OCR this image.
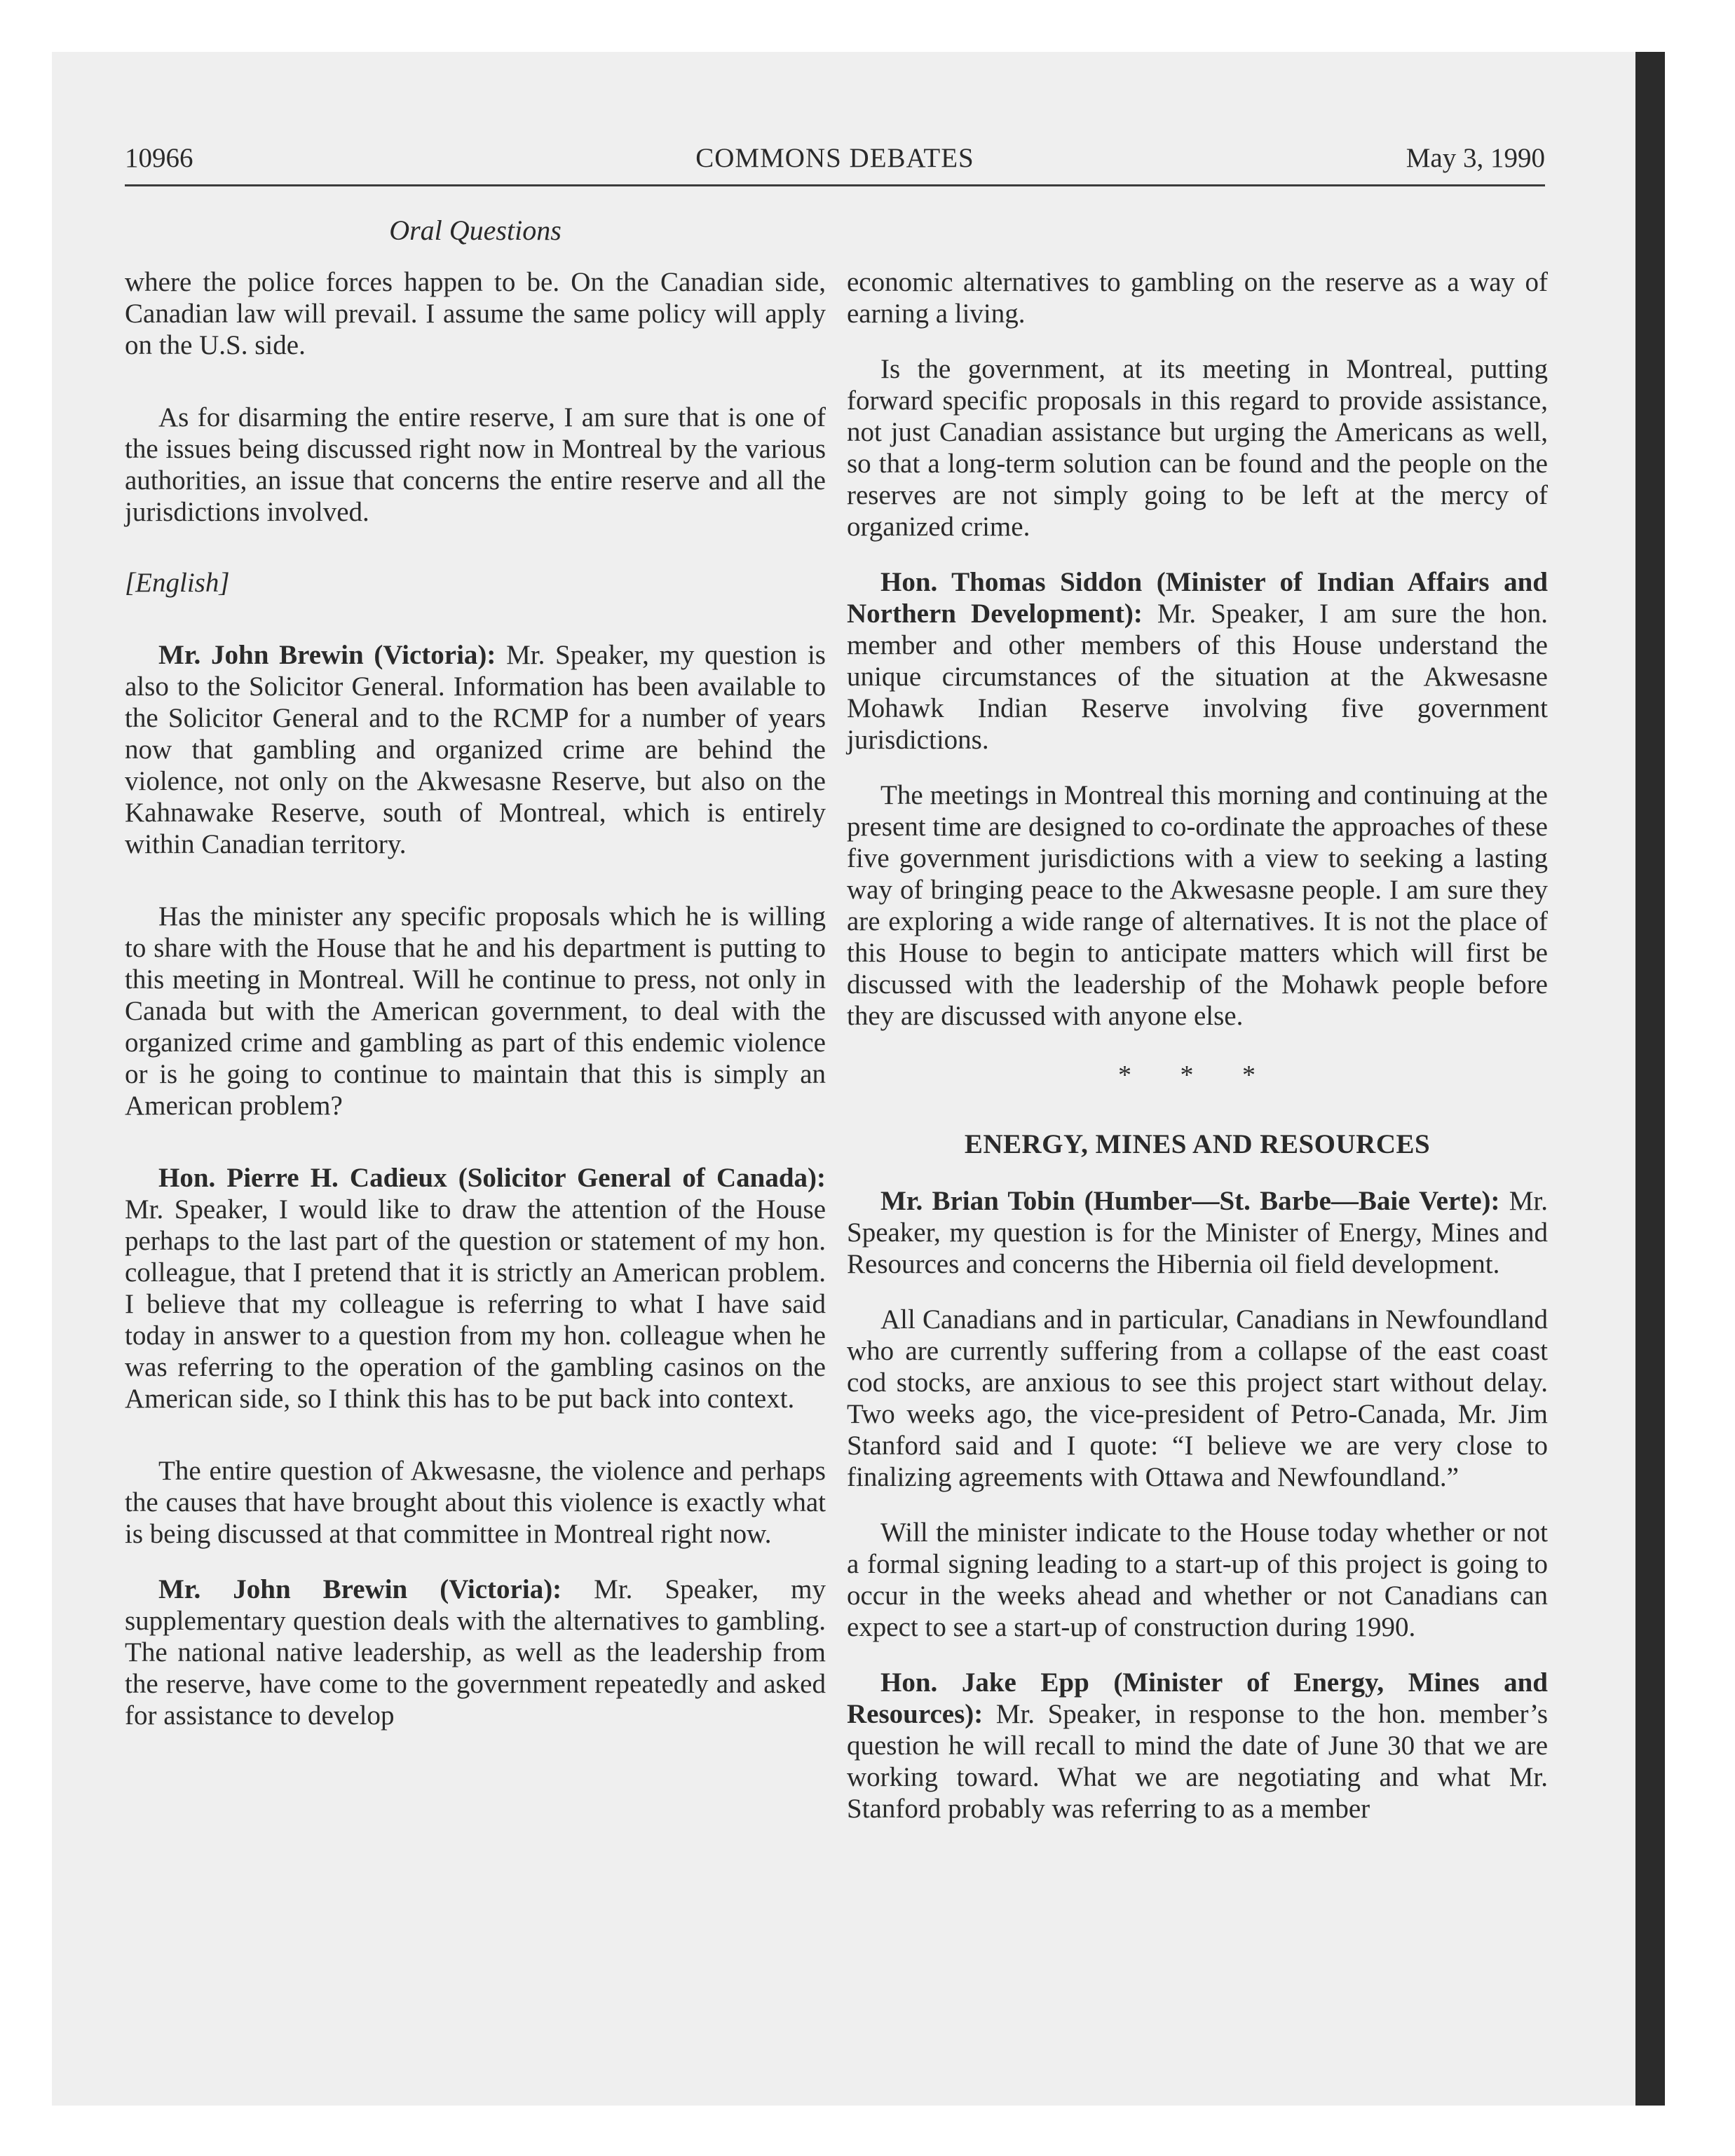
10966	COMMONS DEBATES	May 3, 1990
Oral Questions

where the police forces happen to be. On the Canadian side, Canadian law will prevail. I assume the same policy will apply on the U.S. side.

As for disarming the entire reserve, I am sure that is one of the issues being discussed right now in Montreal by the various authorities, an issue that concerns the entire reserve and all the jurisdictions involved.

[English]

Mr. John Brewin (Victoria): Mr. Speaker, my question is also to the Solicitor General. Information has been available to the Solicitor General and to the RCMP for a number of years now that gambling and organized crime are behind the violence, not only on the Akwesasne Reserve, but also on the Kahnawake Reserve, south of Montreal, which is entirely within Canadian territory.

Has the minister any specific proposals which he is willing to share with the House that he and his department is putting to this meeting in Montreal. Will he continue to press, not only in Canada but with the American government, to deal with the organized crime and gambling as part of this endemic violence or is he going to continue to maintain that this is simply an American problem?

Hon. Pierre H. Cadieux (Solicitor General of Canada): Mr. Speaker, I would like to draw the attention of the House perhaps to the last part of the question or statement of my hon. colleague, that I pretend that it is strictly an American problem. I believe that my colleague is referring to what I have said today in answer to a question from my hon. colleague when he was referring to the operation of the gambling casinos on the American side, so I think this has to be put back into context.

The entire question of Akwesasne, the violence and perhaps the causes that have brought about this violence is exactly what is being discussed at that committee in Montreal right now.

Mr. John Brewin (Victoria): Mr. Speaker, my supplementary question deals with the alternatives to gambling. The national native leadership, as well as the leadership from the reserve, have come to the government repeatedly and asked for assistance to develop

economic alternatives to gambling on the reserve as a way of earning a living.

Is the government, at its meeting in Montreal, putting forward specific proposals in this regard to provide assistance, not just Canadian assistance but urging the Americans as well, so that a long-term solution can be found and the people on the reserves are not simply going to be left at the mercy of organized crime.

Hon. Thomas Siddon (Minister of Indian Affairs and Northern Development): Mr. Speaker, I am sure the hon. member and other members of this House understand the unique circumstances of the situation at the Akwesasne Mohawk Indian Reserve involving five government jurisdictions.

The meetings in Montreal this morning and continuing at the present time are designed to co-ordinate the approaches of these five government jurisdictions with a view to seeking a lasting way of bringing peace to the Akwesasne people. I am sure they are exploring a wide range of alternatives. It is not the place of this House to begin to anticipate matters which will first be discussed with the leadership of the Mohawk people before they are discussed with anyone else.

* * *
ENERGY, MINES AND RESOURCES

Mr. Brian Tobin (Humber—St. Barbe—Baie Verte): Mr. Speaker, my question is for the Minister of Energy, Mines and Resources and concerns the Hibernia oil field development.

All Canadians and in particular, Canadians in Newfoundland who are currently suffering from a collapse of the east coast cod stocks, are anxious to see this project start without delay. Two weeks ago, the vice-president of Petro-Canada, Mr. Jim Stanford said and I quote: “I believe we are very close to finalizing agreements with Ottawa and Newfoundland.”

Will the minister indicate to the House today whether or not a formal signing leading to a start-up of this project is going to occur in the weeks ahead and whether or not Canadians can expect to see a start-up of construction during 1990.

Hon. Jake Epp (Minister of Energy, Mines and Resources): Mr. Speaker, in response to the hon. member’s question he will recall to mind the date of June 30 that we are working toward. What we are negotiating and what Mr. Stanford probably was referring to as a member
